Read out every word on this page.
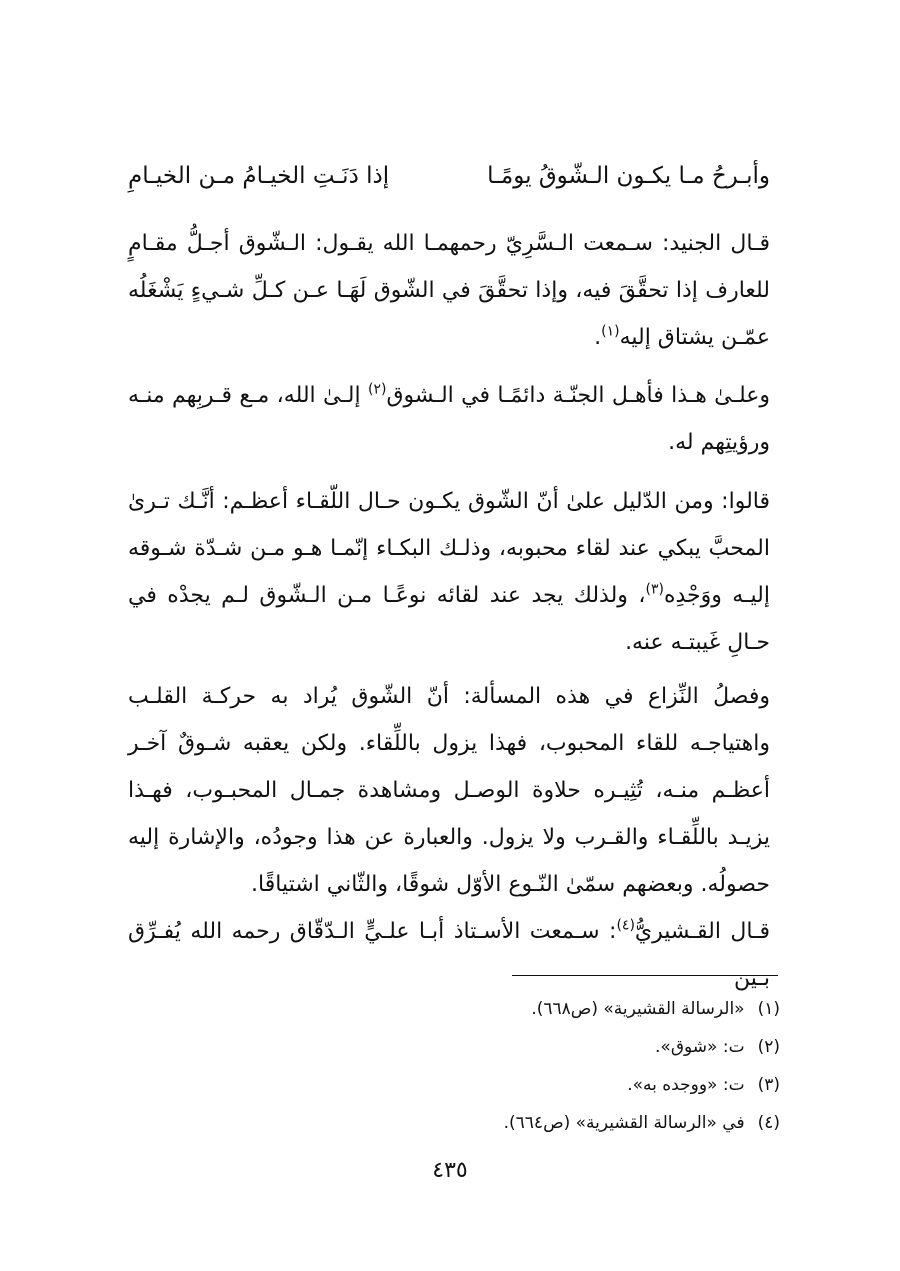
وأبـرحُ مـا يكـون الـشّوقُ يومًـا
إذا دَنَـتِ الخيـامُ مـن الخيـامِ
قـال الجنيد: سـمعت الـسَّرِيّ رحمهمـا الله يقـول: الـشّوق أجـلُّ مقـامٍ للعارف إذا تحقَّقَ فيه، وإذا تحقَّقَ في الشّوق لَهَـا عـن كـلِّ شـيءٍ يَشْغَلُه عمّـن يشتاق إليه$^{(١)}$.
وعلـىٰ هـذا فأهـل الجنّـة دائمًـا في الـشوق$^{(٢)}$ إلـىٰ الله، مـع قـربِهم منـه ورؤيتِهم له.
قالوا: ومن الدّليل علىٰ أنّ الشّوق يكـون حـال اللّقـاء أعظـم: أنَّـك تـرىٰ المحبَّ يبكي عند لقاء محبوبه، وذلـك البكـاء إنّمـا هـو مـن شـدّة شـوقه إليـه ووَجْدِه$^{(٣)}$، ولذلك يجد عند لقائه نوعًـا مـن الـشّوق لـم يجدْه في حـالِ غَيبتـه عنه.
وفصلُ النِّزاع في هذه المسألة: أنّ الشّوق يُراد به حركـة القلـب واهتياجـه للقاء المحبوب، فهذا يزول باللِّقاء. ولكن يعقبه شـوقٌ آخـر أعظـم منـه، تُثِيـره حلاوة الوصـل ومشاهدة جمـال المحبـوب، فهـذا يزيـد باللِّقـاء والقـرب ولا يزول. والعبارة عن هذا وجودُه، والإشارة إليه حصولُه. وبعضهم سمّىٰ النّـوع الأوّل شوقًا، والثّاني اشتياقًا.
قـال القـشيريُّ$^{(٤)}$: سـمعت الأسـتاذ أبـا علـيٍّ الـدّقّاق رحمه الله يُفـرِّق بـين
(١) «الرسالة القشيرية» (ص٦٦٨).
(٢) ت: «شوق».
(٣) ت: «ووجده به».
(٤) في «الرسالة القشيرية» (ص٦٦٤).
٤٣٥
